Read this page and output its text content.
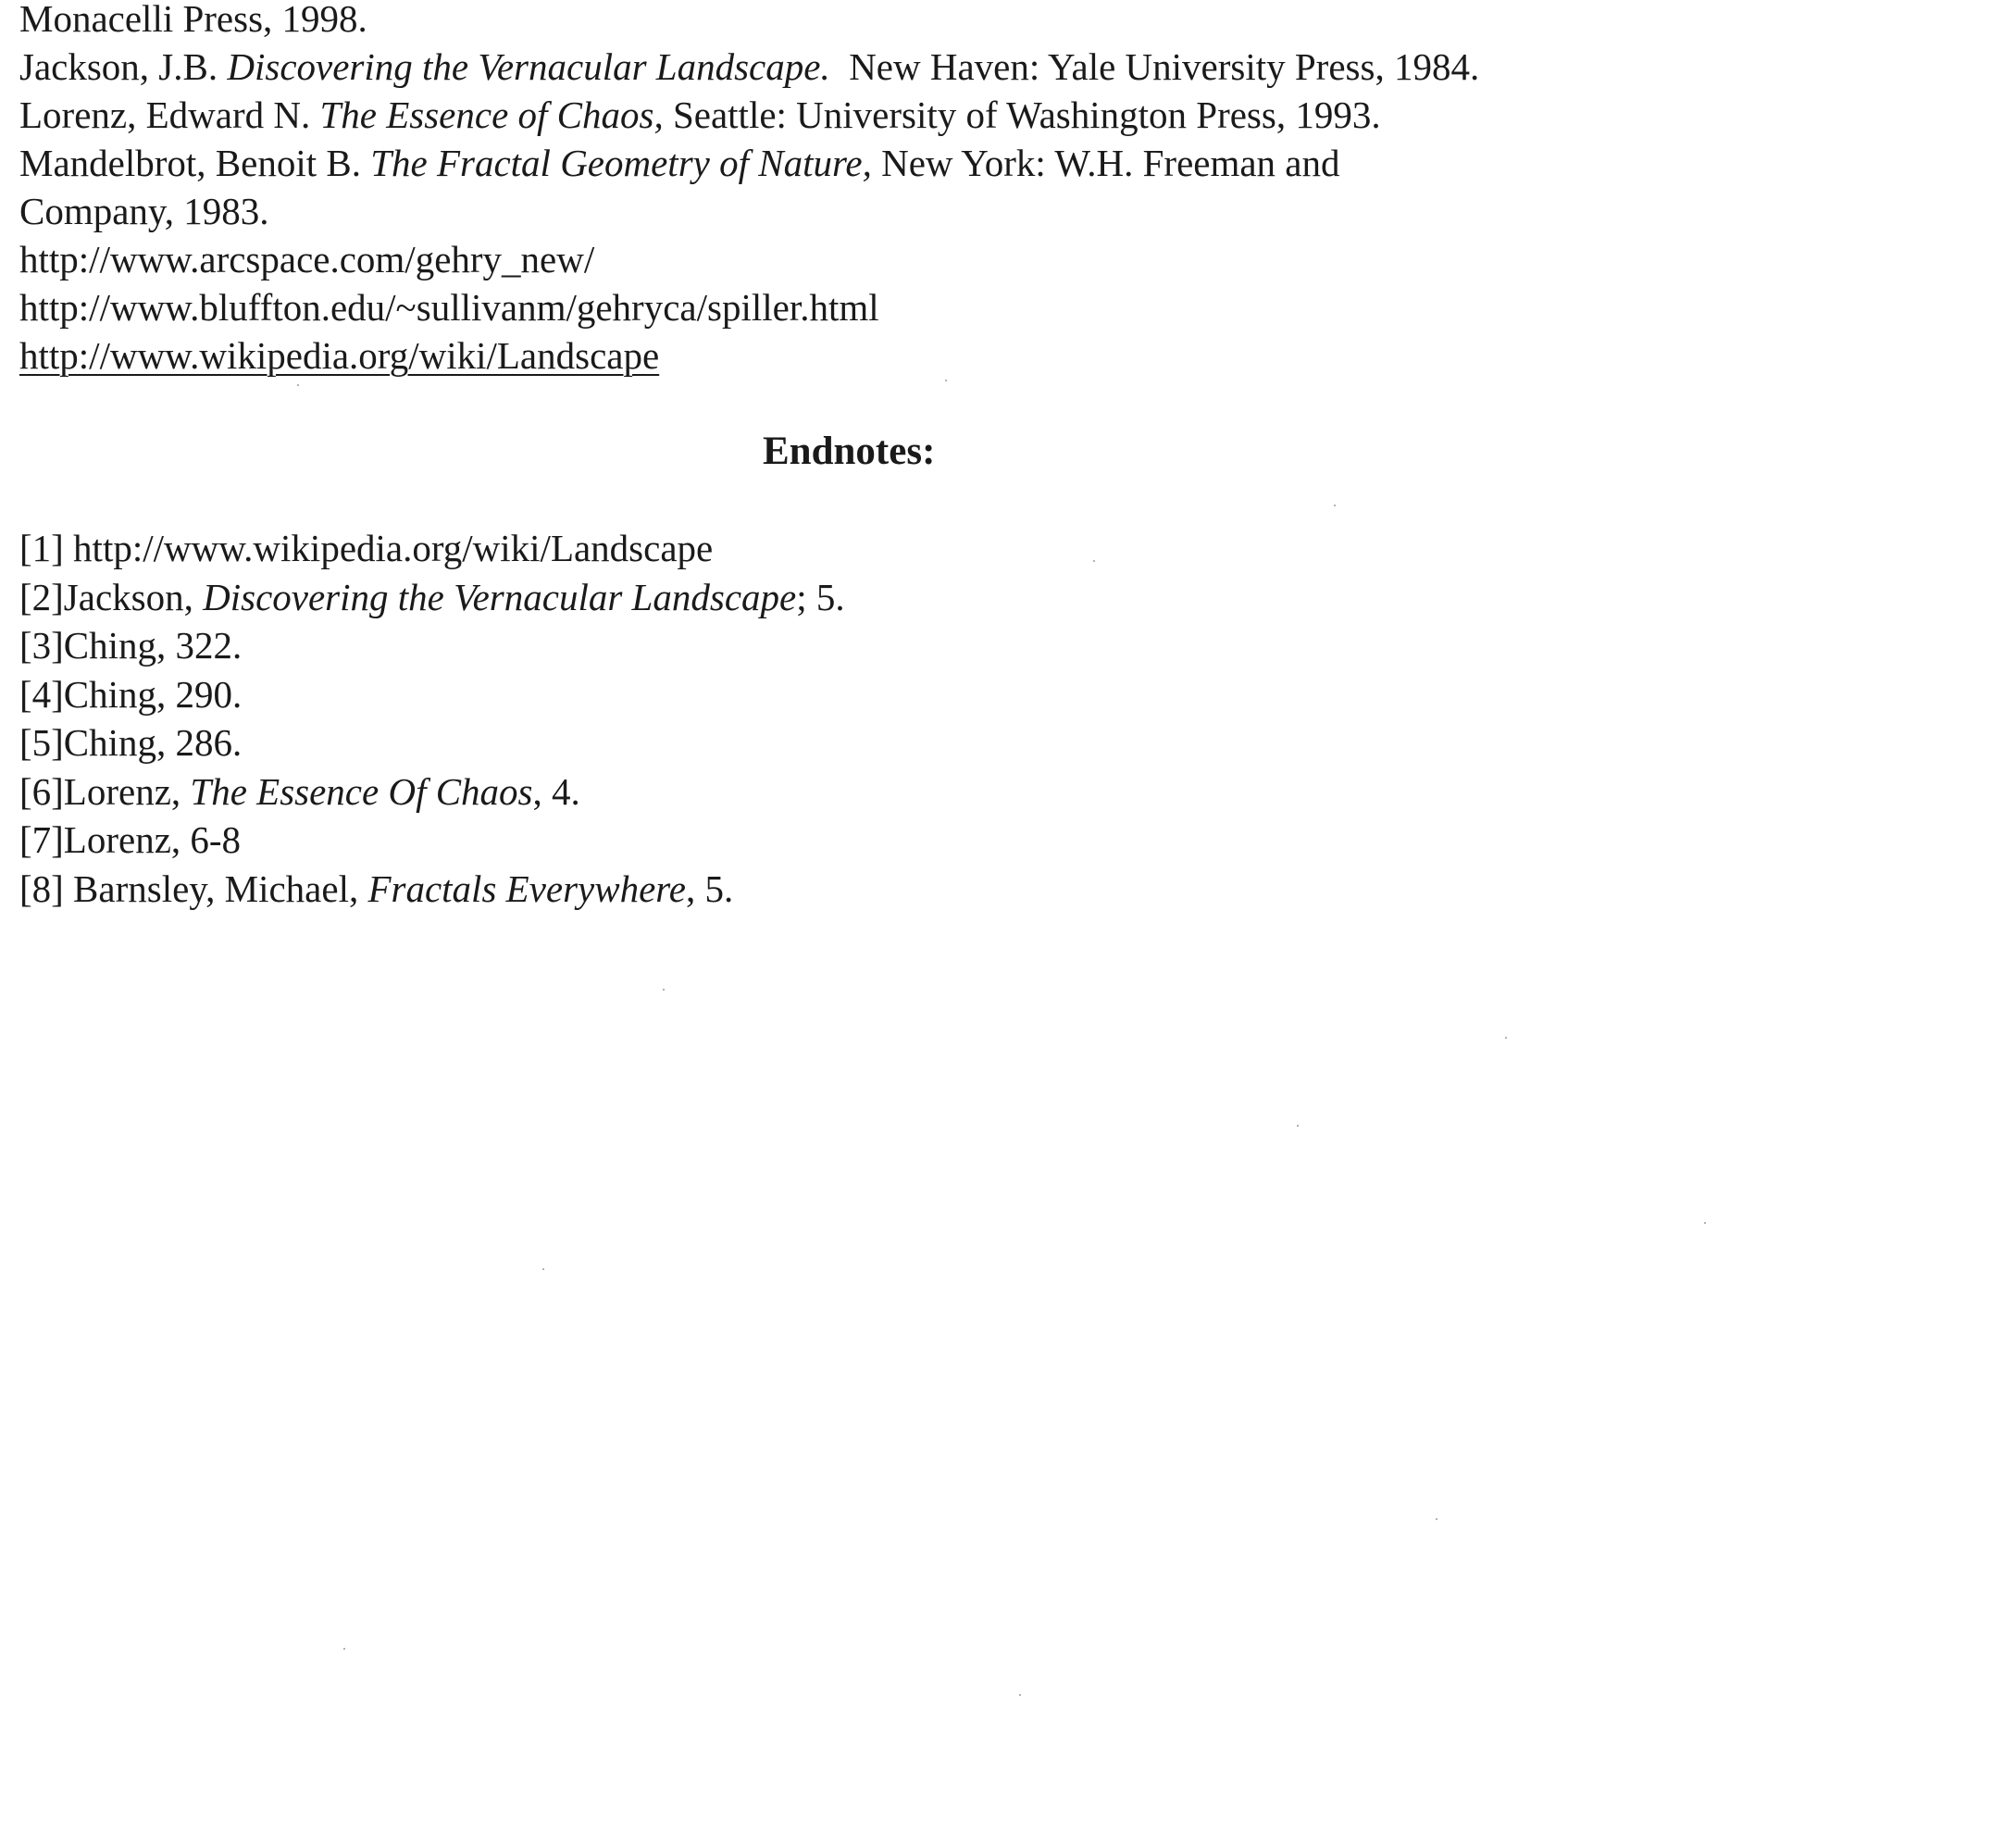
Monacelli Press, 1998.
Jackson, J.B. Discovering the Vernacular Landscape. New Haven: Yale University Press, 1984.
Lorenz, Edward N. The Essence of Chaos, Seattle: University of Washington Press, 1993.
Mandelbrot, Benoit B. The Fractal Geometry of Nature, New York: W.H. Freeman and
Company, 1983.
http://www.arcspace.com/gehry_new/
http://www.bluffton.edu/~sullivanm/gehryca/spiller.html
http://www.wikipedia.org/wiki/Landscape
Endnotes:
[1] http://www.wikipedia.org/wiki/Landscape
[2]Jackson, Discovering the Vernacular Landscape; 5.
[3]Ching, 322.
[4]Ching, 290.
[5]Ching, 286.
[6]Lorenz, The Essence Of Chaos, 4.
[7]Lorenz, 6-8
[8] Barnsley, Michael, Fractals Everywhere, 5.
